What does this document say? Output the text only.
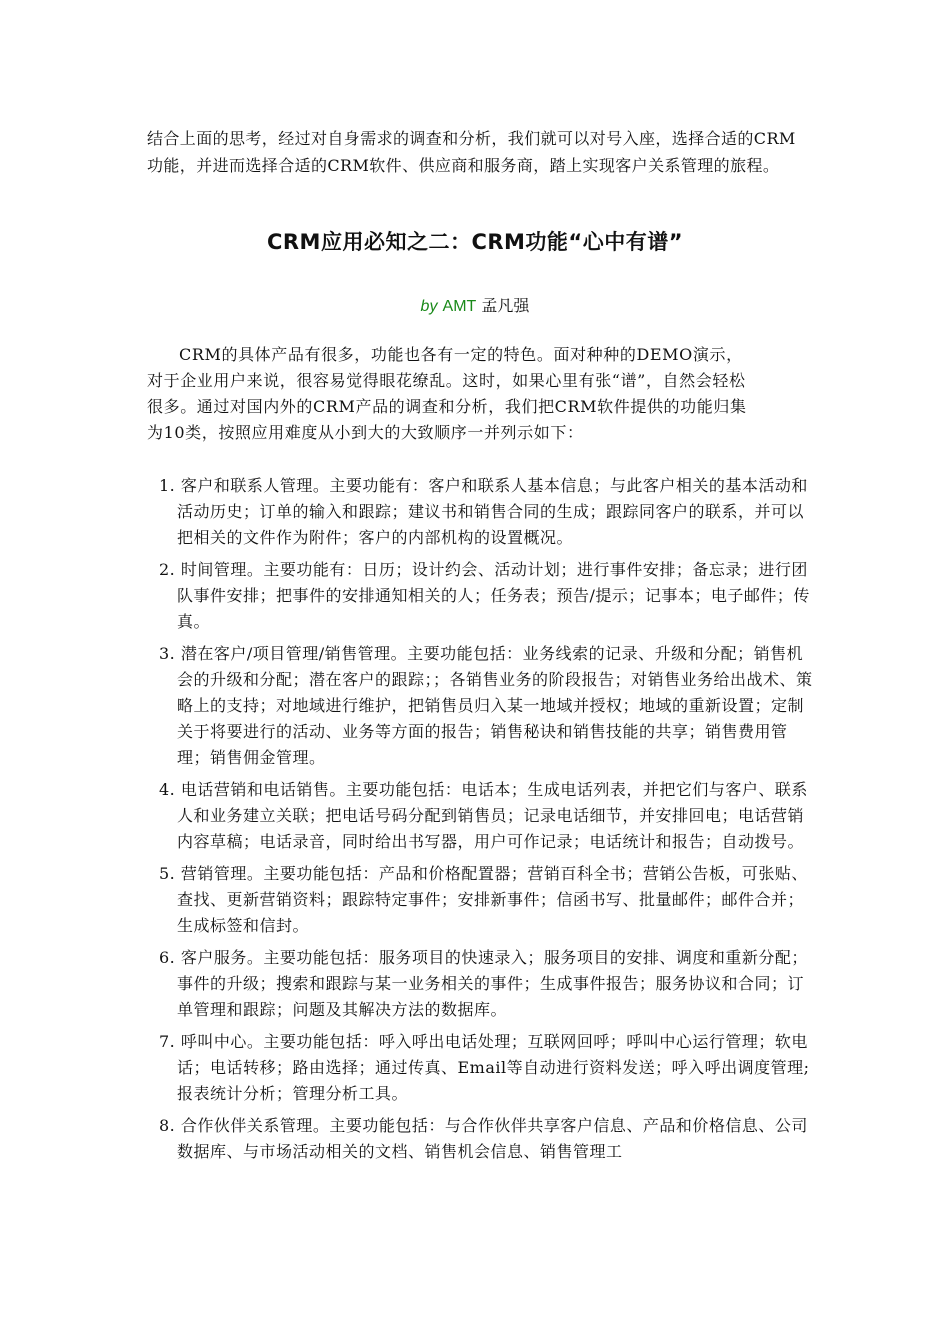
结合上面的思考，经过对自身需求的调查和分析，我们就可以对号入座，选择合适的CRM功能，并进而选择合适的CRM软件、供应商和服务商，踏上实现客户关系管理的旅程。

CRM应用必知之二：CRM功能“心中有谱”
by AMT 孟凡强

CRM的具体产品有很多，功能也各有一定的特色。面对种种的DEMO演示，对于企业用户来说，很容易觉得眼花缭乱。这时，如果心里有张“谱”，自然会轻松很多。通过对国内外的CRM产品的调查和分析，我们把CRM软件提供的功能归集为10类，按照应用难度从小到大的大致顺序一并列示如下：

1. 客户和联系人管理。主要功能有：客户和联系人基本信息；与此客户相关的基本活动和活动历史；订单的输入和跟踪；建议书和销售合同的生成；跟踪同客户的联系，并可以把相关的文件作为附件；客户的内部机构的设置概况。
2. 时间管理。主要功能有：日历；设计约会、活动计划；进行事件安排；备忘录；进行团队事件安排；把事件的安排通知相关的人；任务表；预告/提示；记事本；电子邮件；传真。
3. 潜在客户/项目管理/销售管理。主要功能包括：业务线索的记录、升级和分配；销售机会的升级和分配；潜在客户的跟踪；；各销售业务的阶段报告；对销售业务给出战术、策略上的支持；对地域进行维护，把销售员归入某一地域并授权；地域的重新设置；定制关于将要进行的活动、业务等方面的报告；销售秘诀和销售技能的共享；销售费用管理；销售佣金管理。
4. 电话营销和电话销售。主要功能包括：电话本；生成电话列表，并把它们与客户、联系人和业务建立关联；把电话号码分配到销售员；记录电话细节，并安排回电；电话营销内容草稿；电话录音，同时给出书写器，用户可作记录；电话统计和报告；自动拨号。
5. 营销管理。主要功能包括：产品和价格配置器；营销百科全书；营销公告板，可张贴、查找、更新营销资料；跟踪特定事件；安排新事件；信函书写、批量邮件；邮件合并；生成标签和信封。
6. 客户服务。主要功能包括：服务项目的快速录入；服务项目的安排、调度和重新分配；事件的升级；搜索和跟踪与某一业务相关的事件；生成事件报告；服务协议和合同；订单管理和跟踪；问题及其解决方法的数据库。
7. 呼叫中心。主要功能包括：呼入呼出电话处理；互联网回呼；呼叫中心运行管理；软电话；电话转移；路由选择；通过传真、Email等自动进行资料发送；呼入呼出调度管理;报表统计分析；管理分析工具。
8. 合作伙伴关系管理。主要功能包括：与合作伙伴共享客户信息、产品和价格信息、公司数据库、与市场活动相关的文档、销售机会信息、销售管理工
